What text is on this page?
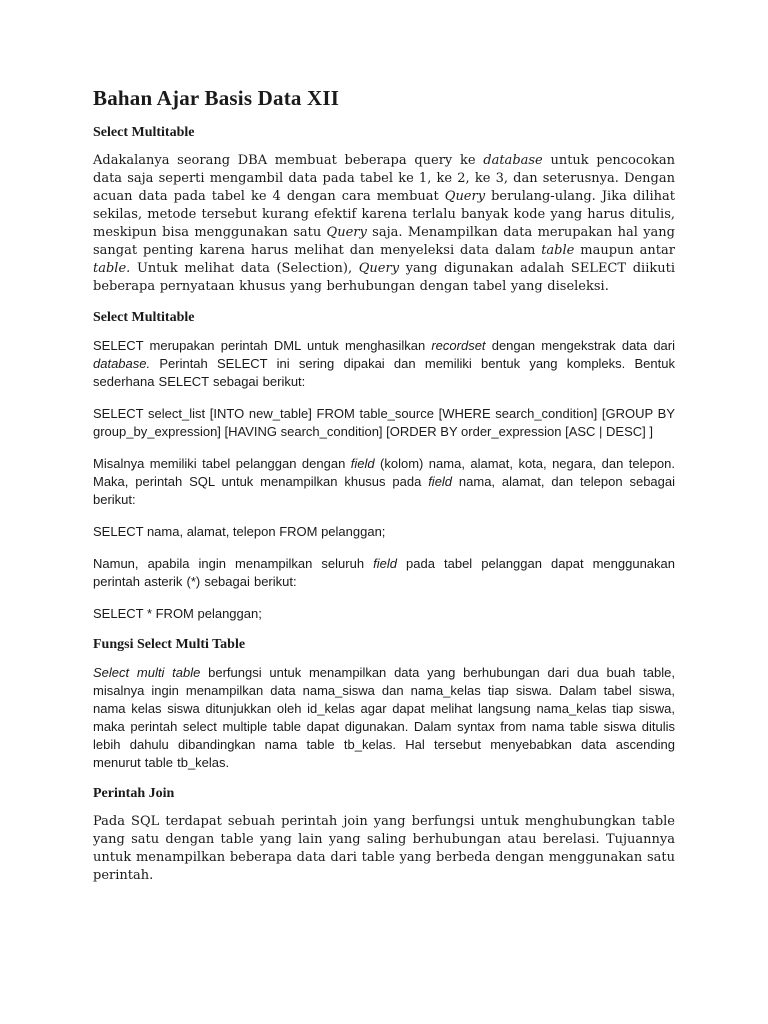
Bahan Ajar Basis Data XII
Select Multitable

Adakalanya seorang DBA membuat beberapa query ke database untuk pencocokan data saja seperti mengambil data pada tabel ke 1, ke 2, ke 3, dan seterusnya. Dengan acuan data pada tabel ke 4 dengan cara membuat Query berulang-ulang. Jika dilihat sekilas, metode tersebut kurang efektif karena terlalu banyak kode yang harus ditulis, meskipun bisa menggunakan satu Query saja. Menampilkan data merupakan hal yang sangat penting karena harus melihat dan menyeleksi data dalam table maupun antar table. Untuk melihat data (Selection), Query yang digunakan adalah SELECT diikuti beberapa pernyataan khusus yang berhubungan dengan tabel yang diseleksi.

Select Multitable

SELECT merupakan perintah DML untuk menghasilkan recordset dengan mengekstrak data dari database. Perintah SELECT ini sering dipakai dan memiliki bentuk yang kompleks. Bentuk sederhana SELECT sebagai berikut:

SELECT select_list [INTO new_table] FROM table_source [WHERE search_condition] [GROUP BY group_by_expression] [HAVING search_condition] [ORDER BY order_expression [ASC | DESC] ]

Misalnya memiliki tabel pelanggan dengan field (kolom) nama, alamat, kota, negara, dan telepon. Maka, perintah SQL untuk menampilkan khusus pada field nama, alamat, dan telepon sebagai berikut:

SELECT nama, alamat, telepon FROM pelanggan;

Namun, apabila ingin menampilkan seluruh field pada tabel pelanggan dapat menggunakan perintah asterik (*) sebagai berikut:

SELECT * FROM pelanggan;

Fungsi Select Multi Table

Select multi table berfungsi untuk menampilkan data yang berhubungan dari dua buah table, misalnya ingin menampilkan data nama_siswa dan nama_kelas tiap siswa. Dalam tabel siswa, nama kelas siswa ditunjukkan oleh id_kelas agar dapat melihat langsung nama_kelas tiap siswa, maka perintah select multiple table dapat digunakan. Dalam syntax from nama table siswa ditulis lebih dahulu dibandingkan nama table tb_kelas. Hal tersebut menyebabkan data ascending menurut table tb_kelas.

Perintah Join

Pada SQL terdapat sebuah perintah join yang berfungsi untuk menghubungkan table yang satu dengan table yang lain yang saling berhubungan atau berelasi. Tujuannya untuk menampilkan beberapa data dari table yang berbeda dengan menggunakan satu perintah.
